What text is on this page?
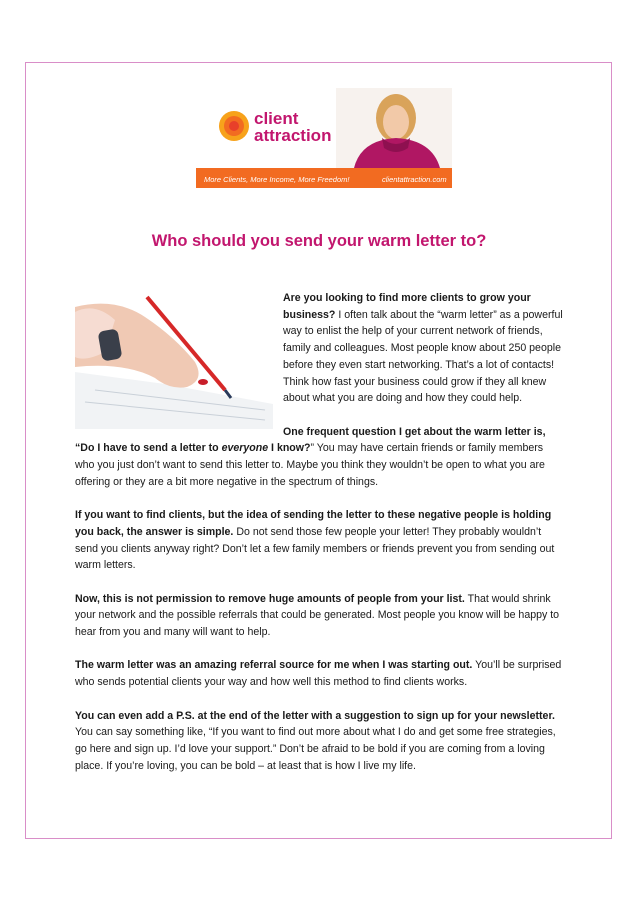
client
attraction
More Clients, More Income, More Freedom!	clientattraction.com
Who should you send your warm letter to?

Are you looking to find more clients to grow your business? I often talk about the “warm letter” as a powerful way to enlist the help of your current network of friends, family and colleagues. Most people know about 250 people before they even start networking. That’s a lot of contacts! Think how fast your business could grow if they all knew about what you are doing and how they could help.

One frequent question I get about the warm letter is, “Do I have to send a letter to everyone I know?” You may have certain friends or family members who you just don’t want to send this letter to. Maybe you think they wouldn’t be open to what you are offering or they are a bit more negative in the spectrum of things.

If you want to find clients, but the idea of sending the letter to these negative people is holding you back, the answer is simple. Do not send those few people your letter! They probably wouldn’t send you clients anyway right? Don’t let a few family members or friends prevent you from sending out warm letters.

Now, this is not permission to remove huge amounts of people from your list. That would shrink your network and the possible referrals that could be generated. Most people you know will be happy to hear from you and many will want to help.

The warm letter was an amazing referral source for me when I was starting out. You’ll be surprised who sends potential clients your way and how well this method to find clients works.

You can even add a P.S. at the end of the letter with a suggestion to sign up for your newsletter. You can say something like, “If you want to find out more about what I do and get some free strategies, go here and sign up. I’d love your support.” Don’t be afraid to be bold if you are coming from a loving place. If you’re loving, you can be bold – at least that is how I live my life.
